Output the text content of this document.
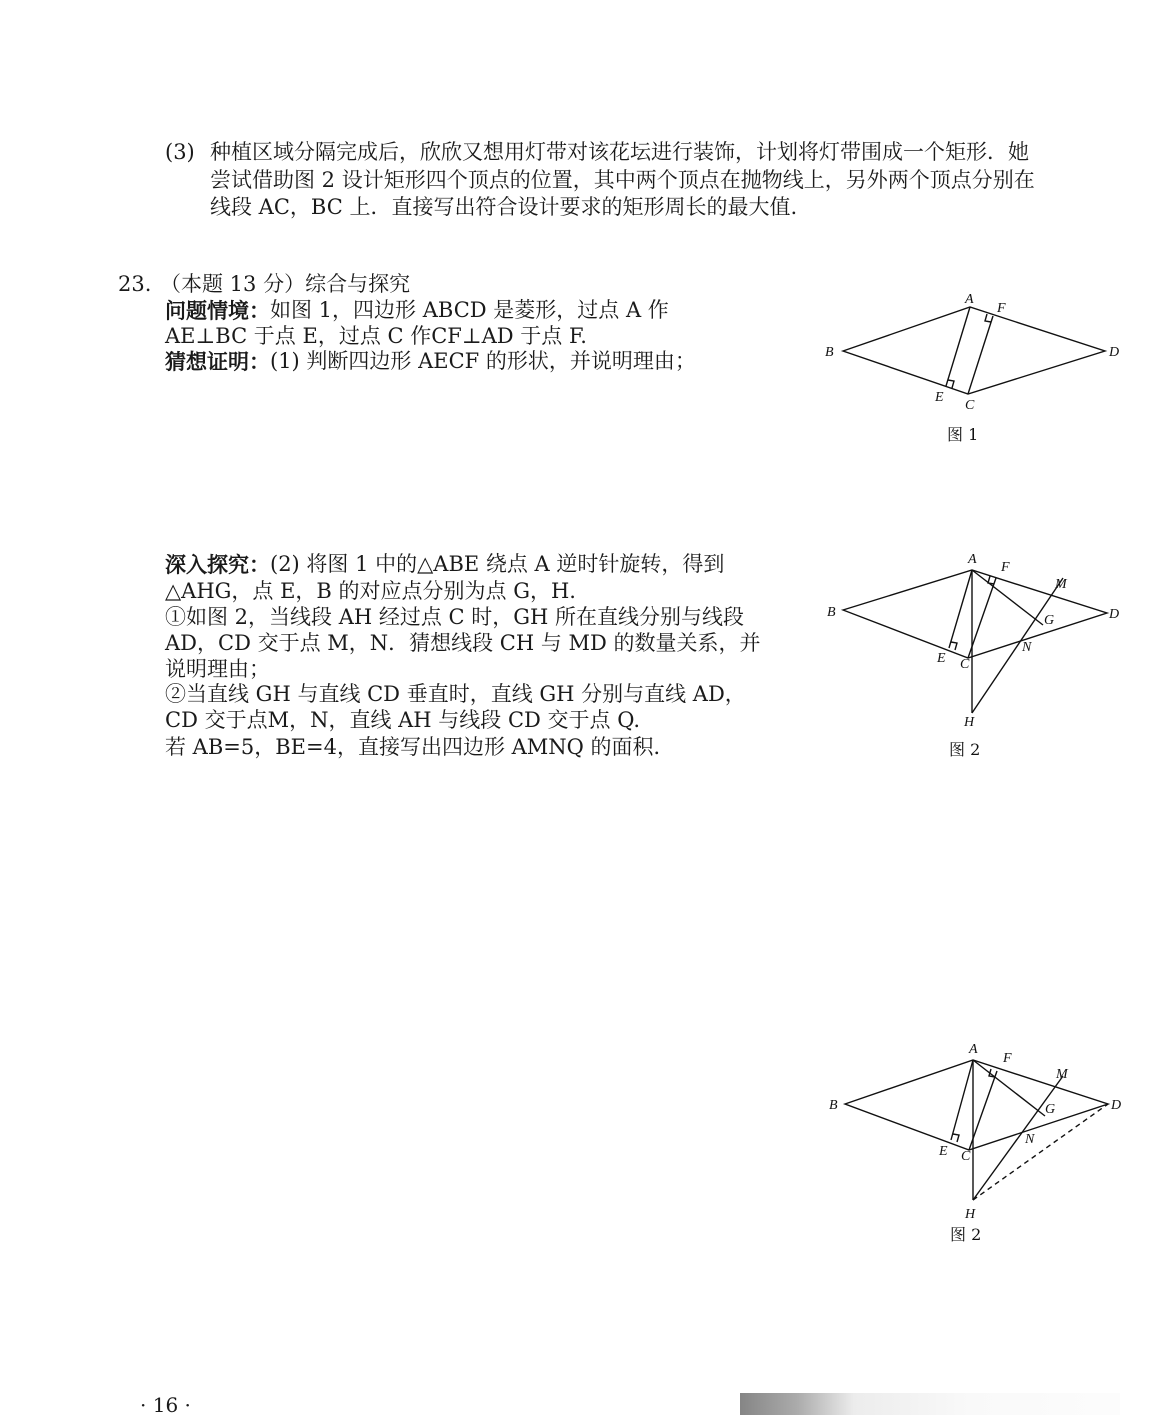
(3) 种植区域分隔完成后，欣欣又想用灯带对该花坛进行装饰，计划将灯带围成一个矩形．她
尝试借助图 2 设计矩形四个顶点的位置，其中两个顶点在抛物线上，另外两个顶点分别在
线段 AC，BC 上．直接写出符合设计要求的矩形周长的最大值.
23. （本题 13 分）综合与探究
问题情境： 如图 1，四边形 ABCD 是菱形，过点 A 作
AE⊥BC 于点 E，过点 C 作CF⊥AD 于点 F.
猜想证明： (1) 判断四边形 AECF 的形状，并说明理由；
深入探究： (2) 将图 1 中的△ABE 绕点 A 逆时针旋转，得到
△AHG，点 E，B 的对应点分别为点 G，H.
①如图 2，当线段 AH 经过点 C 时，GH 所在直线分别与线段
AD，CD 交于点 M，N．猜想线段 CH 与 MD 的数量关系，并
说明理由；
②当直线 GH 与直线 CD 垂直时，直线 GH 分别与直线 AD，
CD 交于点M，N，直线 AH 与线段 CD 交于点 Q.
若 AB=5，BE=4，直接写出四边形 AMNQ 的面积．
A
F
B	D
E
C
图 1
A
F
M
G
B	D
N
E C
H
图 2
A
F
M
G
B	D
N
E C
H
图 2
· 16 ·
